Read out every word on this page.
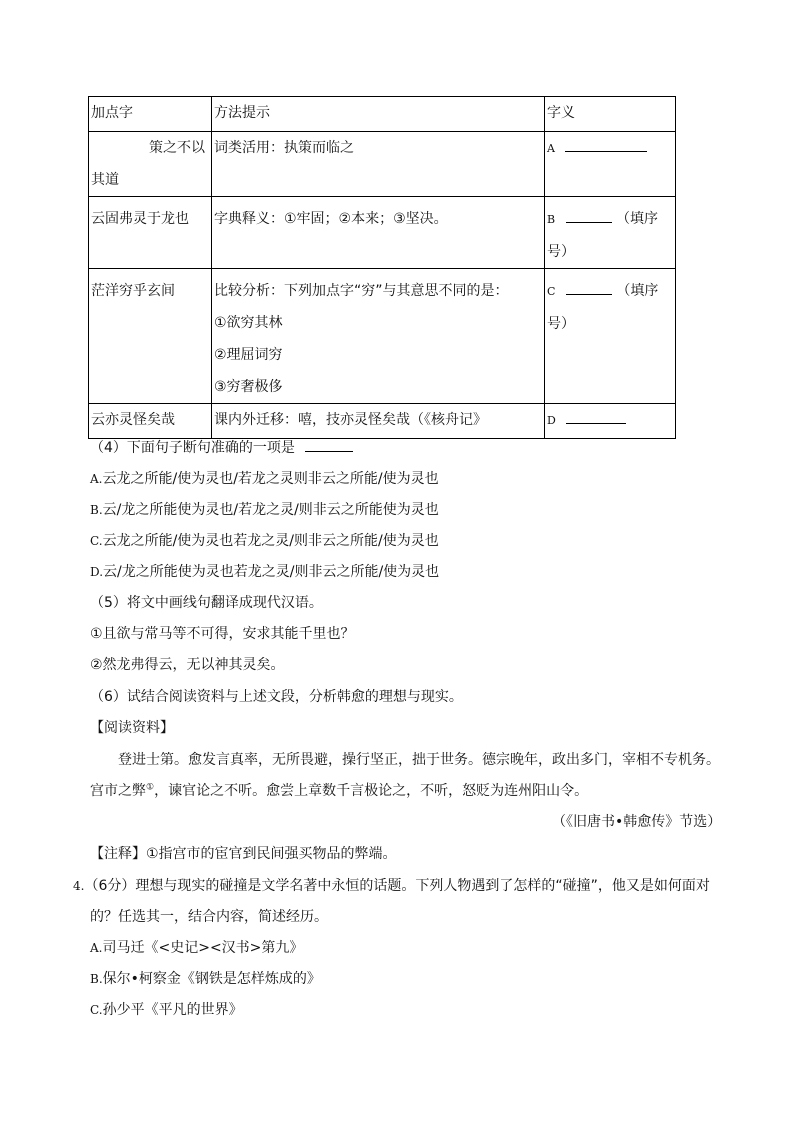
加点字	方法提示	字义

策之不以
其道	词类活用：执策而临之	A

云固弗灵于龙也	字典释义：①牢固；②本来；③坚决。	B （填序号）

茫洋穷乎玄间	比较分析：下列加点字“穷”与其意思不同的是：
①欲穷其林
②理屈词穷
③穷奢极侈	C （填序号）

云亦灵怪矣哉	课内外迁移：嘻，技亦灵怪矣哉（《核舟记》	D
（4）下面句子断句准确的一项是
A.云龙之所能/使为灵也/若龙之灵则非云之所能/使为灵也
B.云/龙之所能使为灵也/若龙之灵/则非云之所能使为灵也
C.云龙之所能/使为灵也若龙之灵/则非云之所能/使为灵也
D.云/龙之所能使为灵也若龙之灵/则非云之所能/使为灵也
（5）将文中画线句翻译成现代汉语。
①且欲与常马等不可得，安求其能千里也？
②然龙弗得云，无以神其灵矣。
（6）试结合阅读资料与上述文段，分析韩愈的理想与现实。
【阅读资料】
登进士第。愈发言真率，无所畏避，操行坚正，拙于世务。德宗晚年，政出多门，宰相不专机务。
宫市之弊①，谏官论之不听。愈尝上章数千言极论之，不听，怒贬为连州阳山令。
（《旧唐书•韩愈传》节选）
【注释】①指宫市的宦官到民间强买物品的弊端。
4.（6分）理想与现实的碰撞是文学名著中永恒的话题。下列人物遇到了怎样的“碰撞”，他又是如何面对
的？任选其一，结合内容，简述经历。
A.司马迁《<史记><汉书>第九》
B.保尔•柯察金《钢铁是怎样炼成的》
C.孙少平《平凡的世界》
